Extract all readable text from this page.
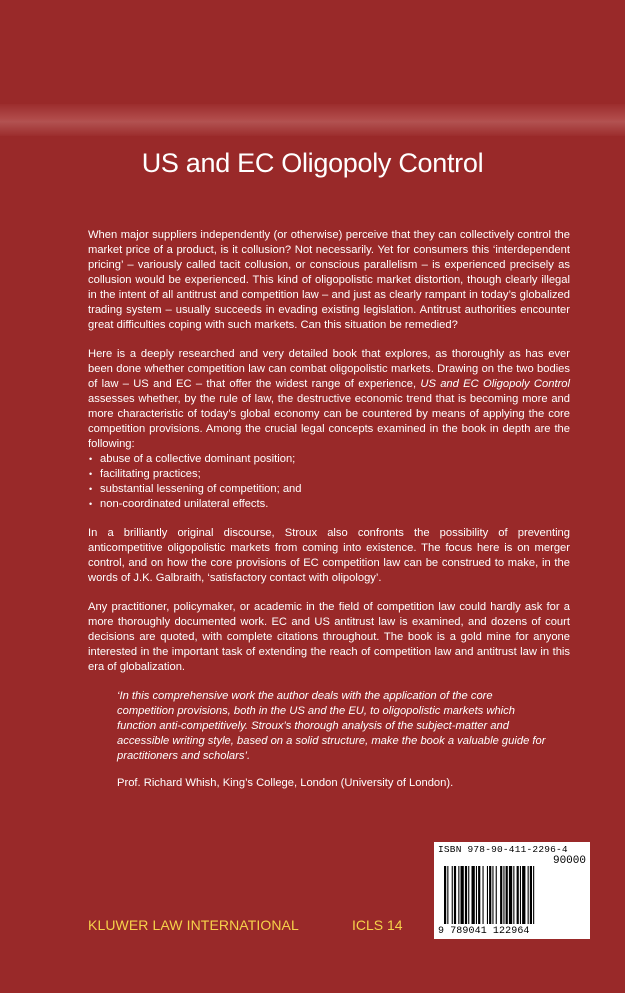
US and EC Oligopoly Control

When major suppliers independently (or otherwise) perceive that they can collectively control the market price of a product, is it collusion? Not necessarily. Yet for consumers this ‘interdependent pricing’ – variously called tacit collusion, or conscious parallelism – is experienced precisely as collusion would be experienced. This kind of oligopolistic market distortion, though clearly illegal in the intent of all antitrust and competition law – and just as clearly rampant in today’s globalized trading system – usually succeeds in evading existing legislation. Antitrust authorities encounter great difficulties coping with such markets. Can this situation be remedied?

Here is a deeply researched and very detailed book that explores, as thoroughly as has ever been done whether competition law can combat oligopolistic markets. Drawing on the two bodies of law – US and EC – that offer the widest range of experience, US and EC Oligopoly Control assesses whether, by the rule of law, the destructive economic trend that is becoming more and more characteristic of today’s global economy can be countered by means of applying the core competition provisions. Among the crucial legal concepts examined in the book in depth are the following:

• abuse of a collective dominant position;
• facilitating practices;
• substantial lessening of competition; and
• non-coordinated unilateral effects.

In a brilliantly original discourse, Stroux also confronts the possibility of preventing anticompetitive oligopolistic markets from coming into existence. The focus here is on merger control, and on how the core provisions of EC competition law can be construed to make, in the words of J.K. Galbraith, ‘satisfactory contact with olipology’.

Any practitioner, policymaker, or academic in the field of competition law could hardly ask for a more thoroughly documented work. EC and US antitrust law is examined, and dozens of court decisions are quoted, with complete citations throughout. The book is a gold mine for anyone interested in the important task of extending the reach of competition law and antitrust law in this era of globalization.

‘In this comprehensive work the author deals with the application of the core competition provisions, both in the US and the EU, to oligopolistic markets which function anti-competitively. Stroux’s thorough analysis of the subject-matter and accessible writing style, based on a solid structure, make the book a valuable guide for practitioners and scholars’.

Prof. Richard Whish, King’s College, London (University of London).

KLUWER LAW INTERNATIONAL	ICLS 14
ISBN 978-90-411-2296-4
90000
9 789041 122964
